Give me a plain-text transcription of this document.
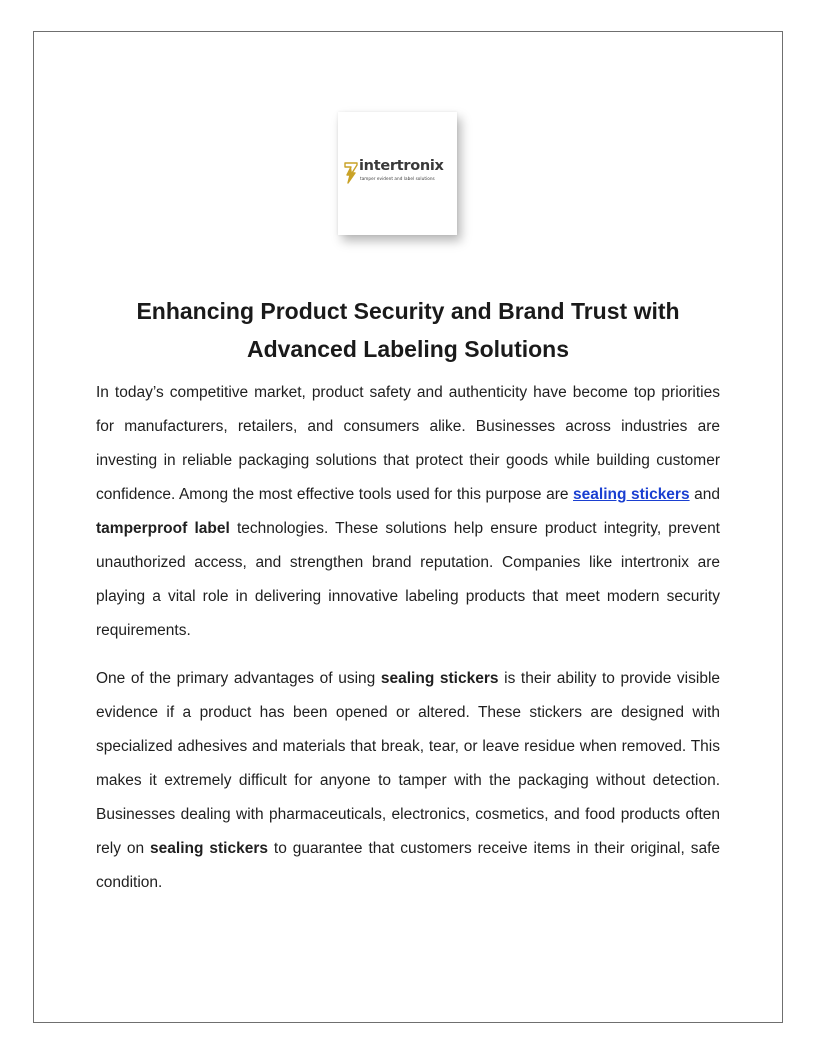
intertronix
tamper evident and label solutions
Enhancing Product Security and Brand Trust with Advanced Labeling Solutions

In today’s competitive market, product safety and authenticity have become top priorities for manufacturers, retailers, and consumers alike. Businesses across industries are investing in reliable packaging solutions that protect their goods while building customer confidence. Among the most effective tools used for this purpose are sealing stickers and tamperproof label technologies. These solutions help ensure product integrity, prevent unauthorized access, and strengthen brand reputation. Companies like intertronix are playing a vital role in delivering innovative labeling products that meet modern security requirements.

One of the primary advantages of using sealing stickers is their ability to provide visible evidence if a product has been opened or altered. These stickers are designed with specialized adhesives and materials that break, tear, or leave residue when removed. This makes it extremely difficult for anyone to tamper with the packaging without detection. Businesses dealing with pharmaceuticals, electronics, cosmetics, and food products often rely on sealing stickers to guarantee that customers receive items in their original, safe condition.
